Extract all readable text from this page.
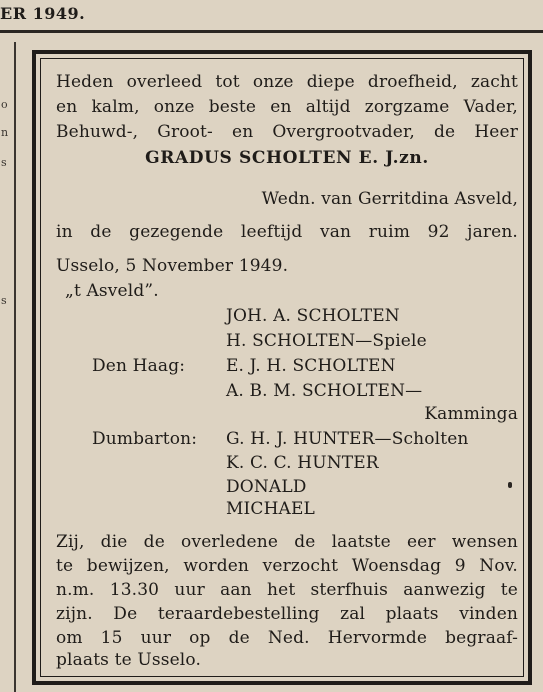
ER 1949.
o
n
s
s
Heden overleed tot onze diepe droefheid, zacht
en kalm, onze beste en altijd zorgzame Vader,
Behuwd-, Groot- en Overgrootvader, de Heer
GRADUS SCHOLTEN E. J.zn.
Wedn. van Gerritdina Asveld,
in de gezegende leeftijd van ruim 92 jaren.
Usselo, 5 November 1949.
„t Asveld”.
JOH. A. SCHOLTEN
H. SCHOLTEN—Spiele
Den Haag: E. J. H. SCHOLTEN
A. B. M. SCHOLTEN—
Kamminga
Dumbarton: G. H. J. HUNTER—Scholten
K. C. C. HUNTER
DONALD
MICHAEL
Zij, die de overledene de laatste eer wensen
te bewijzen, worden verzocht Woensdag 9 Nov.
n.m. 13.30 uur aan het sterfhuis aanwezig te
zijn. De teraardebestelling zal plaats vinden
om 15 uur op de Ned. Hervormde begraaf-
plaats te Usselo.
